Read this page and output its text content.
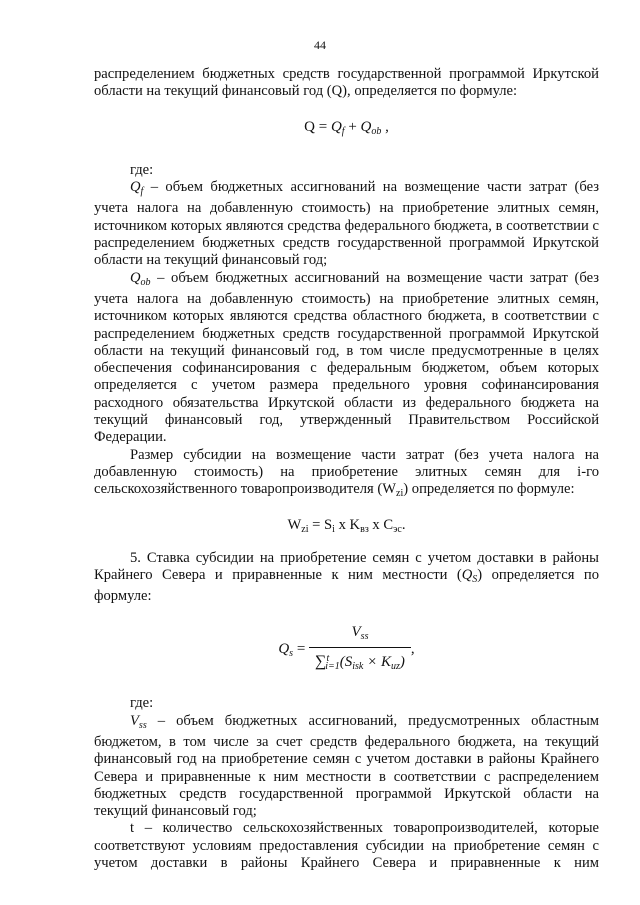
44

распределением бюджетных средств государственной программой Иркутской области на текущий финансовый год (Q), определяется по формуле:

$Q = Q_f + Q_{ob}$ ,

где:

$Q_f$ – объем бюджетных ассигнований на возмещение части затрат (без учета налога на добавленную стоимость) на приобретение элитных семян, источником которых являются средства федерального бюджета, в соответствии с распределением бюджетных средств государственной программой Иркутской области на текущий финансовый год;

$Q_{ob}$ – объем бюджетных ассигнований на возмещение части затрат (без учета налога на добавленную стоимость) на приобретение элитных семян, источником которых являются средства областного бюджета, в соответствии с распределением бюджетных средств государственной программой Иркутской области на текущий финансовый год, в том числе предусмотренные в целях обеспечения софинансирования с федеральным бюджетом, объем которых определяется с учетом размера предельного уровня софинансирования расходного обязательства Иркутской области из федерального бюджета на текущий финансовый год, утвержденный Правительством Российской Федерации.

Размер субсидии на возмещение части затрат (без учета налога на добавленную стоимость) на приобретение элитных семян для i-го сельскохозяйственного товаропроизводителя $(W_{zi})$ определяется по формуле:

$W_{zi} = S_i$ x $K_{вз}$ x $C_{эс}$.

5. Ставка субсидии на приобретение семян с учетом доставки в районы Крайнего Севера и приравненные к ним местности $(Q_S)$ определяется по формуле:

$Q_s = \frac{V_{ss}}{\sum^t_{i=1}(S_{isk} \times K_{uz})}$ ,

где:

$V_{ss}$ – объем бюджетных ассигнований, предусмотренных областным бюджетом, в том числе за счет средств федерального бюджета, на текущий финансовый год на приобретение семян с учетом доставки в районы Крайнего Севера и приравненные к ним местности в соответствии с распределением бюджетных средств государственной программой Иркутской области на текущий финансовый год;

t – количество сельскохозяйственных товаропроизводителей, которые соответствуют условиям предоставления субсидии на приобретение семян с учетом доставки в районы Крайнего Севера и приравненные к ним
